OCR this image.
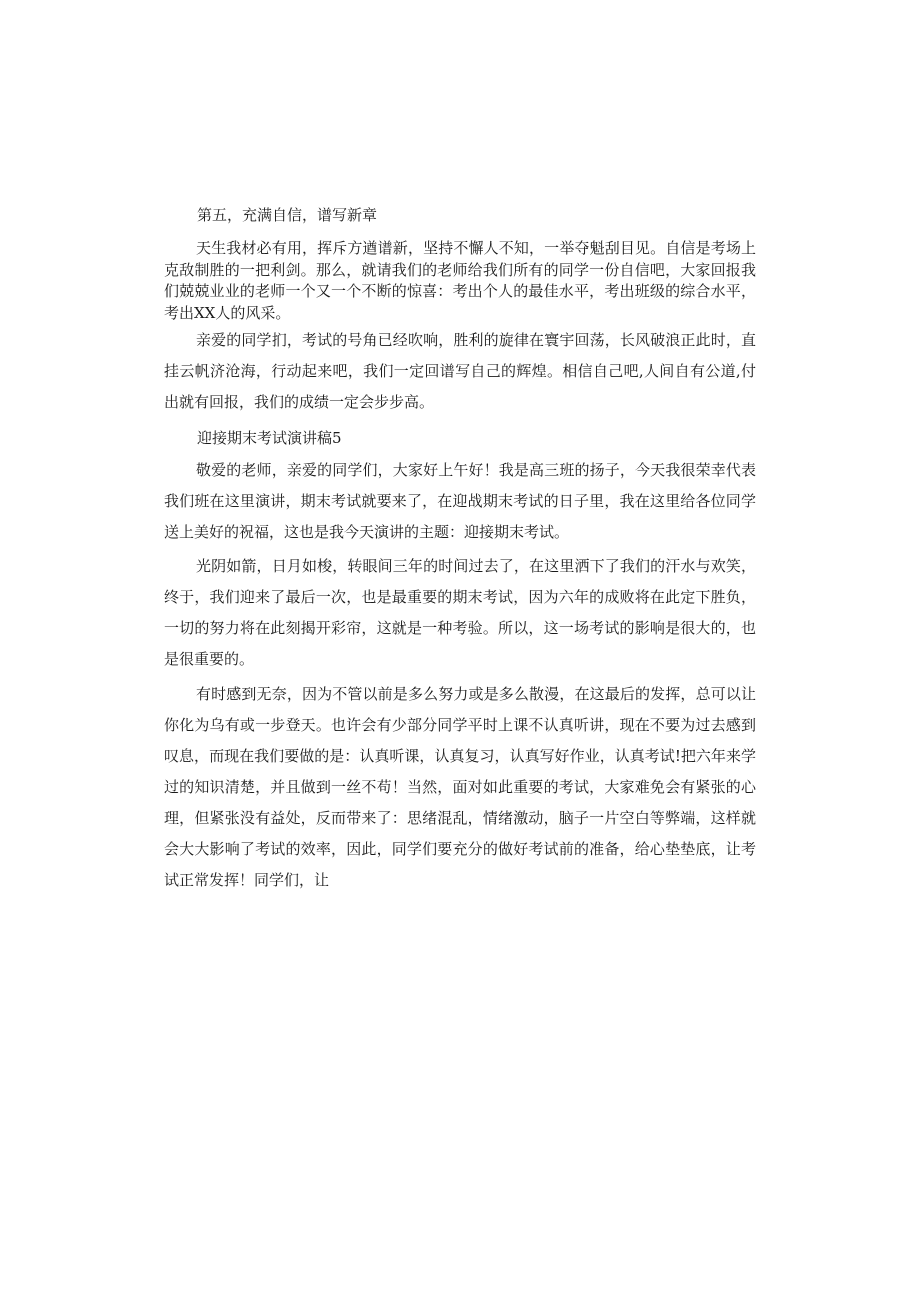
第五，充满自信，谱写新章

天生我材必有用，挥斥方遒谱新，坚持不懈人不知，一举夺魁刮目见。自信是考场上克敌制胜的一把利剑。那么，就请我们的老师给我们所有的同学一份自信吧，大家回报我们兢兢业业的老师一个又一个不断的惊喜：考出个人的最佳水平，考出班级的综合水平，考出XX人的风采。

亲爱的同学扪，考试的号角已经吹响，胜利的旋律在寰宇回荡，长风破浪正此时，直挂云帆济沧海，行动起来吧，我们一定回谱写自己的辉煌。相信自己吧,人间自有公道,付出就有回报，我们的成绩一定会步步高。

迎接期末考试演讲稿5

敬爱的老师，亲爱的同学们，大家好上午好！我是高三班的扬子，今天我很荣幸代表我们班在这里演讲，期末考试就要来了，在迎战期末考试的日子里，我在这里给各位同学送上美好的祝福，这也是我今天演讲的主题：迎接期末考试。

光阴如箭，日月如梭，转眼间三年的时间过去了，在这里洒下了我们的汗水与欢笑，终于，我们迎来了最后一次，也是最重要的期末考试，因为六年的成败将在此定下胜负，一切的努力将在此刻揭开彩帘，这就是一种考验。所以，这一场考试的影响是很大的，也是很重要的。

有时感到无奈，因为不管以前是多么努力或是多么散漫，在这最后的发挥，总可以让你化为乌有或一步登天。也许会有少部分同学平时上课不认真听讲，现在不要为过去感到叹息，而现在我们要做的是：认真听课，认真复习，认真写好作业，认真考试!把六年来学过的知识清楚，并且做到一丝不苟！当然，面对如此重要的考试，大家难免会有紧张的心理，但紧张没有益处，反而带来了：思绪混乱，情绪激动，脑子一片空白等弊端，这样就会大大影响了考试的效率，因此，同学们要充分的做好考试前的准备，给心垫垫底，让考试正常发挥！同学们，让
